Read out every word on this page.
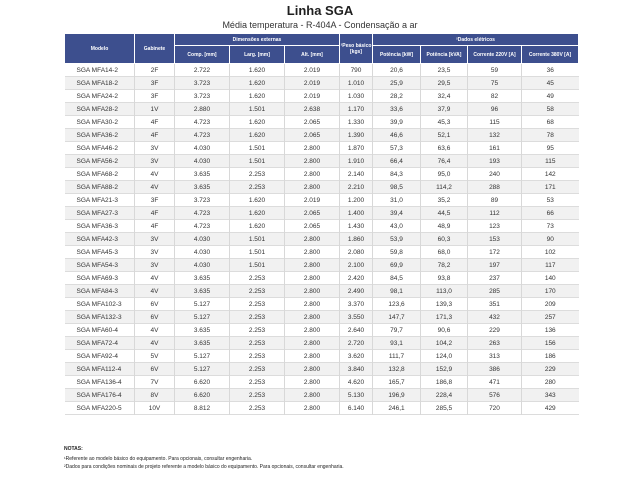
Linha SGA
Média temperatura - R-404A - Condensação a ar
Modelo	Gabinete	Dimensões externas			¹Peso básico [kgs]	²Dados elétricos			
		Comp. [mm]	Larg. [mm]	Alt. [mm]		Potência [kW]	Potência [kVA]	Corrente 220V [A]	Corrente 380V [A]
SGA MFA14-2	2F	2.722	1.620	2.019	790	20,6	23,5	59	36
SGA MFA18-2	3F	3.723	1.620	2.019	1.010	25,9	29,5	75	45
SGA MFA24-2	3F	3.723	1.620	2.019	1.030	28,2	32,4	82	49
SGA MFA28-2	1V	2.880	1.501	2.638	1.170	33,6	37,9	96	58
SGA MFA30-2	4F	4.723	1.620	2.065	1.330	39,9	45,3	115	68
SGA MFA36-2	4F	4.723	1.620	2.065	1.390	46,6	52,1	132	78
SGA MFA46-2	3V	4.030	1.501	2.800	1.870	57,3	63,6	161	95
SGA MFA56-2	3V	4.030	1.501	2.800	1.910	66,4	76,4	193	115
SGA MFA68-2	4V	3.635	2.253	2.800	2.140	84,3	95,0	240	142
SGA MFA88-2	4V	3.635	2.253	2.800	2.210	98,5	114,2	288	171
SGA MFA21-3	3F	3.723	1.620	2.019	1.200	31,0	35,2	89	53
SGA MFA27-3	4F	4.723	1.620	2.065	1.400	39,4	44,5	112	66
SGA MFA36-3	4F	4.723	1.620	2.065	1.430	43,0	48,9	123	73
SGA MFA42-3	3V	4.030	1.501	2.800	1.860	53,9	60,3	153	90
SGA MFA45-3	3V	4.030	1.501	2.800	2.080	59,8	68,0	172	102
SGA MFA54-3	3V	4.030	1.501	2.800	2.100	69,9	78,2	197	117
SGA MFA69-3	4V	3.635	2.253	2.800	2.420	84,5	93,8	237	140
SGA MFA84-3	4V	3.635	2.253	2.800	2.490	98,1	113,0	285	170
SGA MFA102-3	6V	5.127	2.253	2.800	3.370	123,6	139,3	351	209
SGA MFA132-3	6V	5.127	2.253	2.800	3.550	147,7	171,3	432	257
SGA MFA60-4	4V	3.635	2.253	2.800	2.640	79,7	90,6	229	136
SGA MFA72-4	4V	3.635	2.253	2.800	2.720	93,1	104,2	263	156
SGA MFA92-4	5V	5.127	2.253	2.800	3.620	111,7	124,0	313	186
SGA MFA112-4	6V	5.127	2.253	2.800	3.840	132,8	152,9	386	229
SGA MFA136-4	7V	6.620	2.253	2.800	4.620	165,7	186,8	471	280
SGA MFA176-4	8V	6.620	2.253	2.800	5.130	196,9	228,4	576	343
SGA MFA220-5	10V	8.812	2.253	2.800	6.140	246,1	285,5	720	429
NOTAS:
¹Referente ao modelo básico do equipamento. Para opcionais, consultar engenharia.
²Dados para condições nominais de projeto referente a modelo básico do equipamento. Para opcionais, consultar engenharia.
